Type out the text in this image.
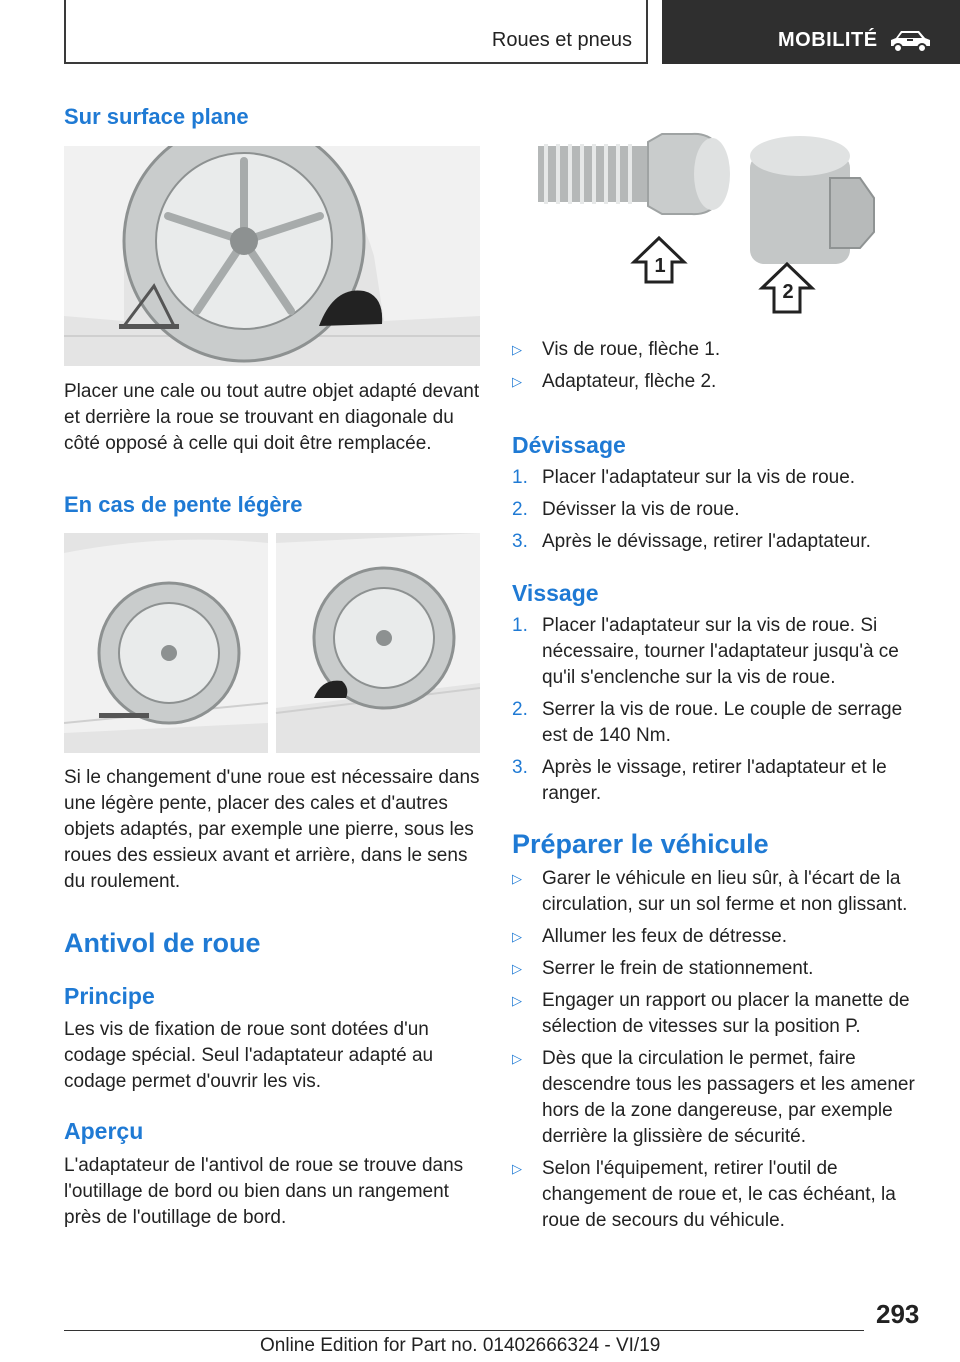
Roues et pneus	MOBILITÉ
Sur surface plane

Placer une cale ou tout autre objet adapté devant et derrière la roue se trouvant en diagonale du côté opposé à celle qui doit être remplacée.

En cas de pente légère

Si le changement d'une roue est nécessaire dans une légère pente, placer des cales et d'autres objets adaptés, par exemple une pierre, sous les roues des essieux avant et arrière, dans le sens du roulement.

Antivol de roue
Principe

Les vis de fixation de roue sont dotées d'un codage spécial. Seul l'adaptateur adapté au codage permet d'ouvrir les vis.

Aperçu

L'adaptateur de l'antivol de roue se trouve dans l'outillage de bord ou bien dans un rangement près de l'outillage de bord.

1
2
▷ Vis de roue, flèche 1.
▷ Adaptateur, flèche 2.
Dévissage
1. Placer l'adaptateur sur la vis de roue.
2. Dévisser la vis de roue.
3. Après le dévissage, retirer l'adaptateur.
Vissage
1. Placer l'adaptateur sur la vis de roue. Si nécessaire, tourner l'adaptateur jusqu'à ce qu'il s'enclenche sur la vis de roue.
2. Serrer la vis de roue. Le couple de serrage est de 140 Nm.
3. Après le vissage, retirer l'adaptateur et le ranger.
Préparer le véhicule
▷ Garer le véhicule en lieu sûr, à l'écart de la circulation, sur un sol ferme et non glissant.
▷ Allumer les feux de détresse.
▷ Serrer le frein de stationnement.
▷ Engager un rapport ou placer la manette de sélection de vitesses sur la position P.
▷ Dès que la circulation le permet, faire descendre tous les passagers et les amener hors de la zone dangereuse, par exemple derrière la glissière de sécurité.
▷ Selon l'équipement, retirer l'outil de changement de roue et, le cas échéant, la roue de secours du véhicule.
293
Online Edition for Part no. 01402666324 - VI/19
